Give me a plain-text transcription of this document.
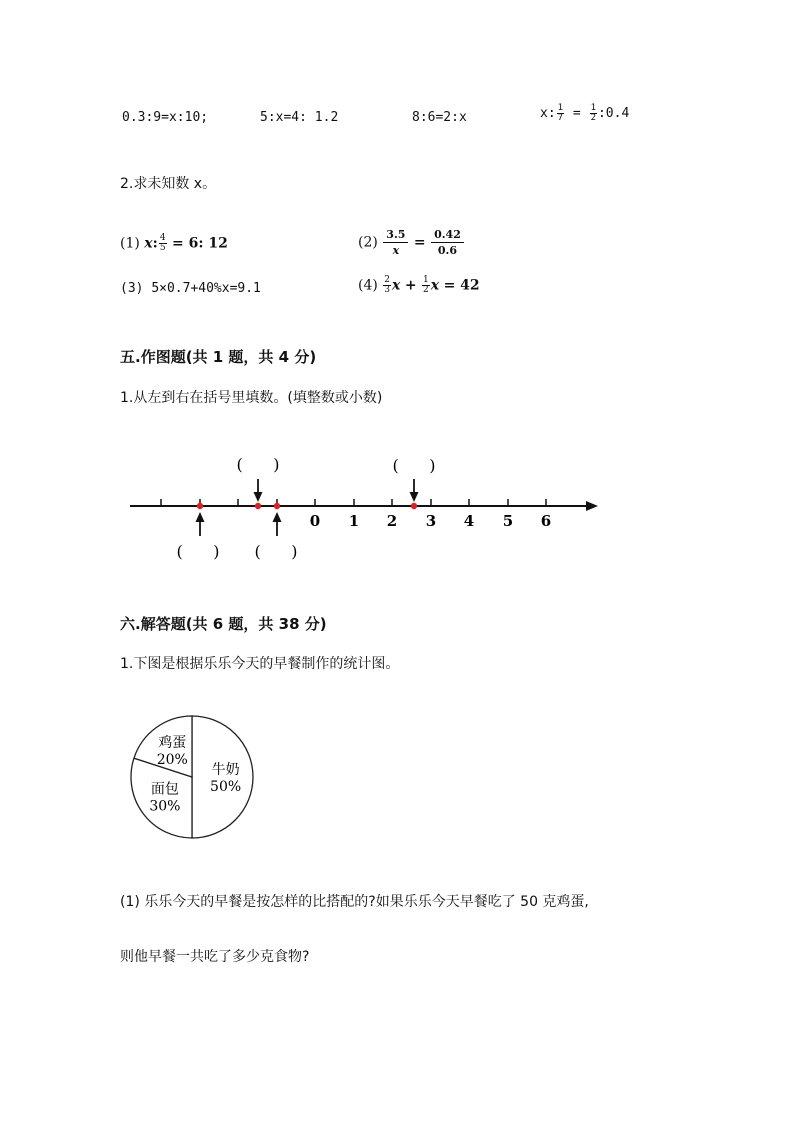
0.3:9=x:10;	5:x=4: 1.2	8:6=2:x	x: $\frac{1}{7} = \frac{1}{2}$ :0.4
2.求未知数 x。
(1) x: $\frac{4}{5} = 6$: 12	$(2) \frac{3.5}{x} = \frac{0.42}{0.6}$
(3) 5×0.7+40%x=9.1	$(4) \frac{2}{3}$ $x + \frac{1}{2}$ x = 42
五.作图题(共 1 题，共 4 分)
1.从左到右在括号里填数。(填整数或小数)
0 1 2 3 4 5 6
(      )	(      )
(      ) (      )
六.解答题(共 6 题，共 38 分)
1.下图是根据乐乐今天的早餐制作的统计图。
牛奶
50%
面包
30%
鸡蛋
20%
(1) 乐乐今天的早餐是按怎样的比搭配的?如果乐乐今天早餐吃了 50 克鸡蛋,
则他早餐一共吃了多少克食物?
